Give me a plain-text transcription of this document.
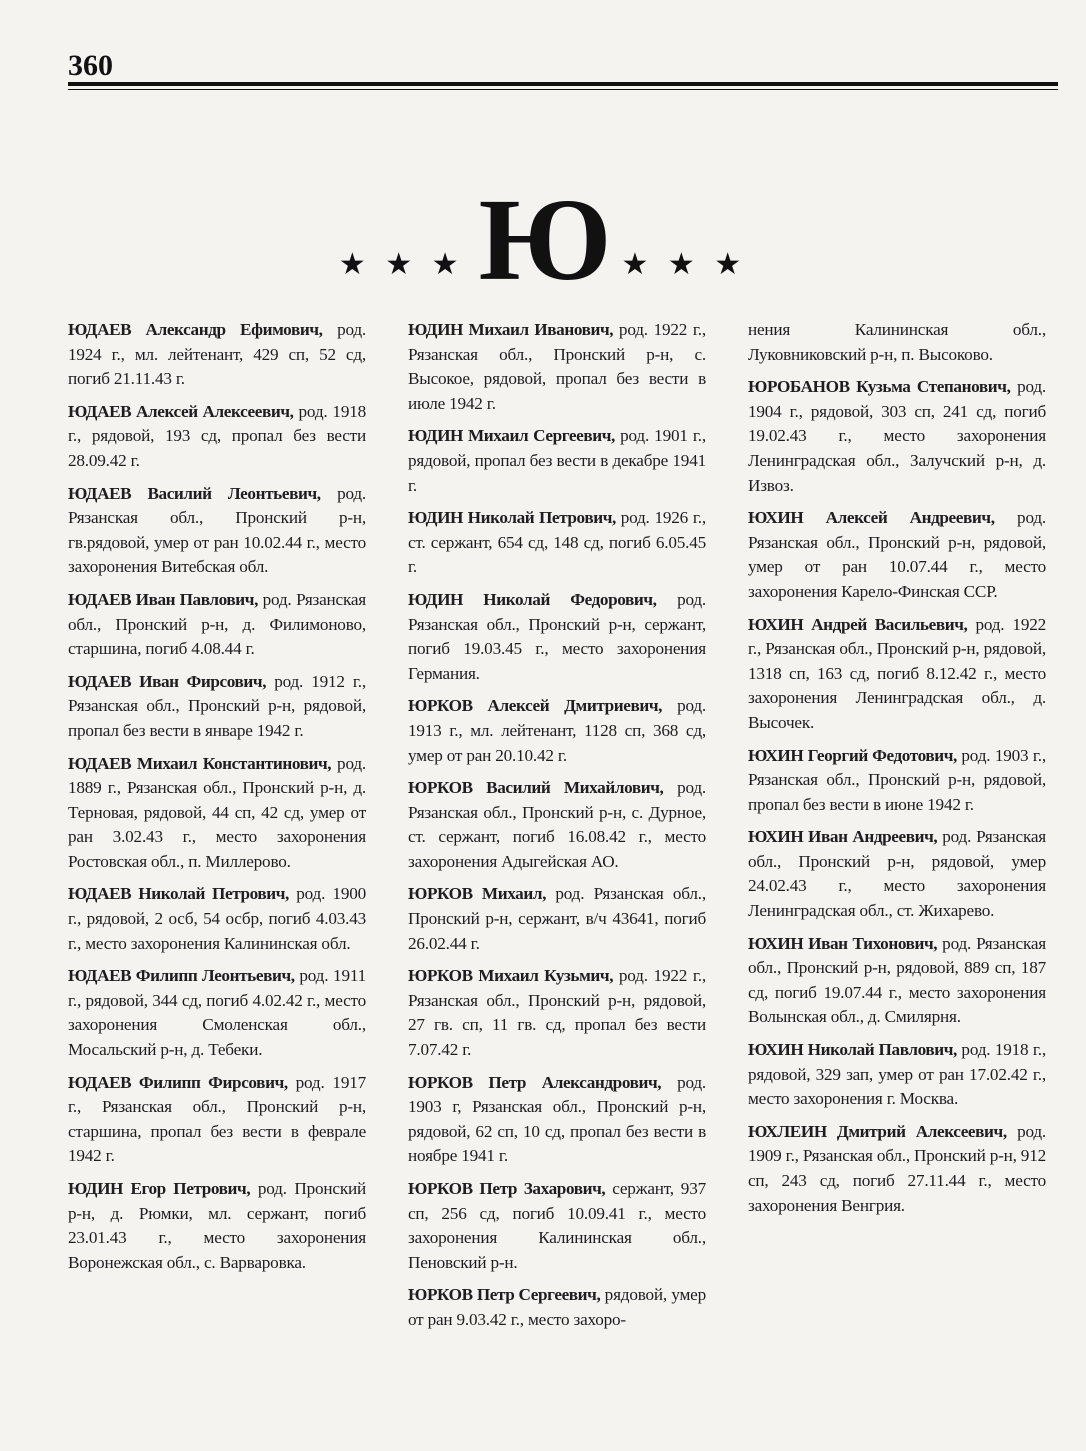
360
★ ★ ★ Ю ★ ★ ★

ЮДАЕВ Александр Ефимович, род. 1924 г., мл. лейтенант, 429 сп, 52 сд, погиб 21.11.43 г.

ЮДАЕВ Алексей Алексеевич, род. 1918 г., рядовой, 193 сд, пропал без вести 28.09.42 г.

ЮДАЕВ Василий Леонтьевич, род. Рязанская обл., Пронский р-н, гв.рядовой, умер от ран 10.02.44 г., место захоронения Витебская обл.

ЮДАЕВ Иван Павлович, род. Рязанская обл., Пронский р-н, д. Филимоново, старшина, погиб 4.08.44 г.

ЮДАЕВ Иван Фирсович, род. 1912 г., Рязанская обл., Пронский р-н, рядовой, пропал без вести в январе 1942 г.

ЮДАЕВ Михаил Константинович, род. 1889 г., Рязанская обл., Пронский р-н, д. Терновая, рядовой, 44 сп, 42 сд, умер от ран 3.02.43 г., место захоронения Ростовская обл., п. Миллерово.

ЮДАЕВ Николай Петрович, род. 1900 г., рядовой, 2 осб, 54 осбр, погиб 4.03.43 г., место захоронения Калининская обл.

ЮДАЕВ Филипп Леонтьевич, род. 1911 г., рядовой, 344 сд, погиб 4.02.42 г., место захоронения Смоленская обл., Мосальский р-н, д. Тебеки.

ЮДАЕВ Филипп Фирсович, род. 1917 г., Рязанская обл., Пронский р-н, старшина, пропал без вести в феврале 1942 г.

ЮДИН Егор Петрович, род. Пронский р-н, д. Рюмки, мл. сержант, погиб 23.01.43 г., место захоронения Воронежская обл., с. Варваровка.

ЮДИН Михаил Иванович, род. 1922 г., Рязанская обл., Пронский р-н, с. Высокое, рядовой, пропал без вести в июле 1942 г.

ЮДИН Михаил Сергеевич, род. 1901 г., рядовой, пропал без вести в декабре 1941 г.

ЮДИН Николай Петрович, род. 1926 г., ст. сержант, 654 сд, 148 сд, погиб 6.05.45 г.

ЮДИН Николай Федорович, род. Рязанская обл., Пронский р-н, сержант, погиб 19.03.45 г., место захоронения Германия.

ЮРКОВ Алексей Дмитриевич, род. 1913 г., мл. лейтенант, 1128 сп, 368 сд, умер от ран 20.10.42 г.

ЮРКОВ Василий Михайлович, род. Рязанская обл., Пронский р-н, с. Дурное, ст. сержант, погиб 16.08.42 г., место захоронения Адыгейская АО.

ЮРКОВ Михаил, род. Рязанская обл., Пронский р-н, сержант, в/ч 43641, погиб 26.02.44 г.

ЮРКОВ Михаил Кузьмич, род. 1922 г., Рязанская обл., Пронский р-н, рядовой, 27 гв. сп, 11 гв. сд, пропал без вести 7.07.42 г.

ЮРКОВ Петр Александрович, род. 1903 г, Рязанская обл., Пронский р-н, рядовой, 62 сп, 10 сд, пропал без вести в ноябре 1941 г.

ЮРКОВ Петр Захарович, сержант, 937 сп, 256 сд, погиб 10.09.41 г., место захоронения Калининская обл., Пеновский р-н.

ЮРКОВ Петр Сергеевич, рядовой, умер от ран 9.03.42 г., место захоро-

нения Калининская обл., Луковниковский р-н, п. Высоково.

ЮРОБАНОВ Кузьма Степанович, род. 1904 г., рядовой, 303 сп, 241 сд, погиб 19.02.43 г., место захоронения Ленинградская обл., Залучский р-н, д. Извоз.

ЮХИН Алексей Андреевич, род. Рязанская обл., Пронский р-н, рядовой, умер от ран 10.07.44 г., место захоронения Карело-Финская ССР.

ЮХИН Андрей Васильевич, род. 1922 г., Рязанская обл., Пронский р-н, рядовой, 1318 сп, 163 сд, погиб 8.12.42 г., место захоронения Ленинградская обл., д. Высочек.

ЮХИН Георгий Федотович, род. 1903 г., Рязанская обл., Пронский р-н, рядовой, пропал без вести в июне 1942 г.

ЮХИН Иван Андреевич, род. Рязанская обл., Пронский р-н, рядовой, умер 24.02.43 г., место захоронения Ленинградская обл., ст. Жихарево.

ЮХИН Иван Тихонович, род. Рязанская обл., Пронский р-н, рядовой, 889 сп, 187 сд, погиб 19.07.44 г., место захоронения Волынская обл., д. Смилярня.

ЮХИН Николай Павлович, род. 1918 г., рядовой, 329 зап, умер от ран 17.02.42 г., место захоронения г. Москва.

ЮХЛЕИН Дмитрий Алексеевич, род. 1909 г., Рязанская обл., Пронский р-н, 912 сп, 243 сд, погиб 27.11.44 г., место захоронения Венгрия.
